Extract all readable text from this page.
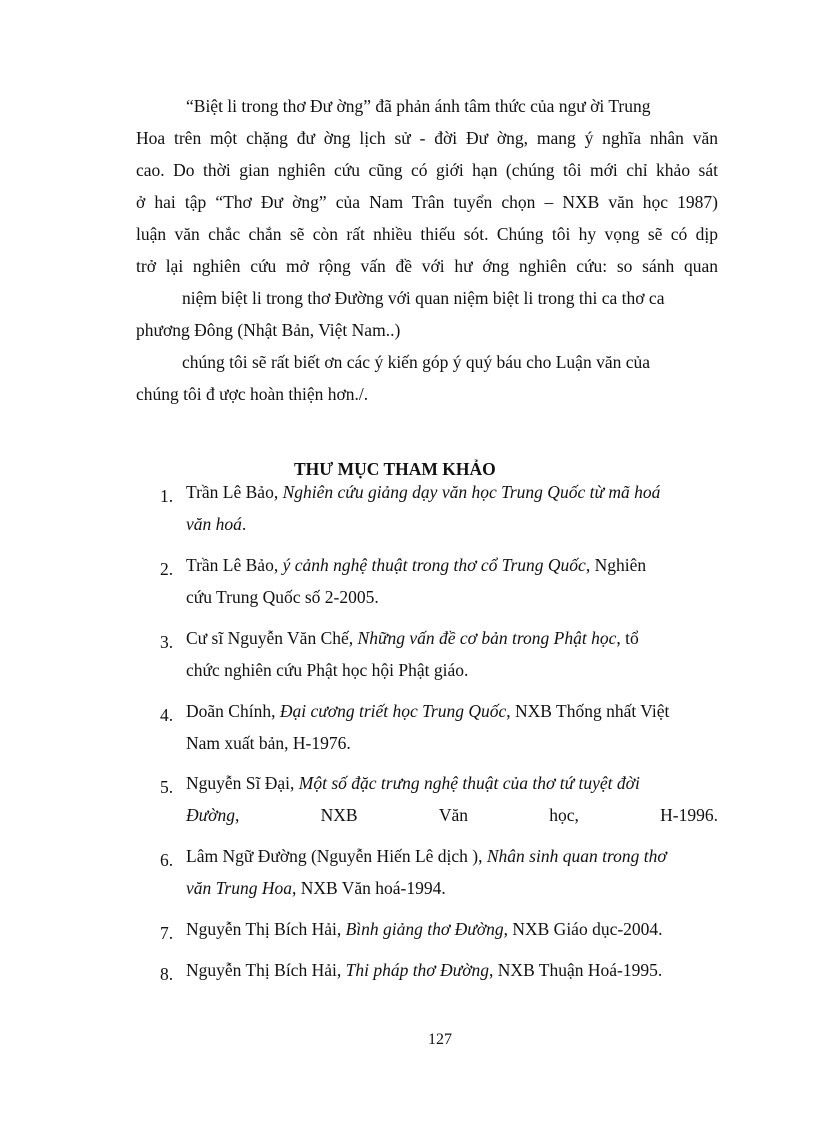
“Biệt li trong thơ Đư ờng” đã phản ánh tâm thức của ngư ời Trung
Hoa trên một chặng đư ờng lịch sử - đời Đư ờng, mang ý nghĩa nhân văn
cao. Do thời gian nghiên cứu cũng có giới hạn (chúng tôi mới chỉ khảo sát
ở hai tập “Thơ Đư ờng” của Nam Trân tuyển chọn – NXB văn học 1987)
luận văn chắc chắn sẽ còn rất nhiều thiếu sót. Chúng tôi hy vọng sẽ có dịp
trở lại nghiên cứu mở rộng vấn đề với hư ớng nghiên cứu: so sánh quan
niệm biệt li trong thơ Đường với quan niệm biệt li trong thi ca thơ ca
phương Đông (Nhật Bản, Việt Nam..)
chúng tôi sẽ rất biết ơn các ý kiến góp ý quý báu cho Luận văn của
chúng tôi đ ược hoàn thiện hơn./.
THƯ MỤC THAM KHẢO
1. Trần Lê Bảo, Nghiên cứu giảng dạy văn học Trung Quốc từ mã hoá
văn hoá.
2. Trần Lê Bảo, ý cảnh nghệ thuật trong thơ cổ Trung Quốc, Nghiên
cứu Trung Quốc số 2-2005.
3. Cư sĩ Nguyễn Văn Chế, Những vấn đề cơ bản trong Phật học, tổ
chức nghiên cứu Phật học hội Phật giáo.
4. Doãn Chính, Đại cương triết học Trung Quốc, NXB Thống nhất Việt
Nam xuất bản, H-1976.
5. Nguyễn Sĩ Đại, Một số đặc trưng nghệ thuật của thơ tứ tuyệt đời
Đường,	NXB	Văn	học,	H-1996.
6. Lâm Ngữ Đường (Nguyễn Hiến Lê dịch ), Nhân sinh quan trong thơ
văn Trung Hoa, NXB Văn hoá-1994.
7. Nguyễn Thị Bích Hải, Bình giảng thơ Đường, NXB Giáo dục-2004.
8. Nguyễn Thị Bích Hải, Thi pháp thơ Đường, NXB Thuận Hoá-1995.
127
